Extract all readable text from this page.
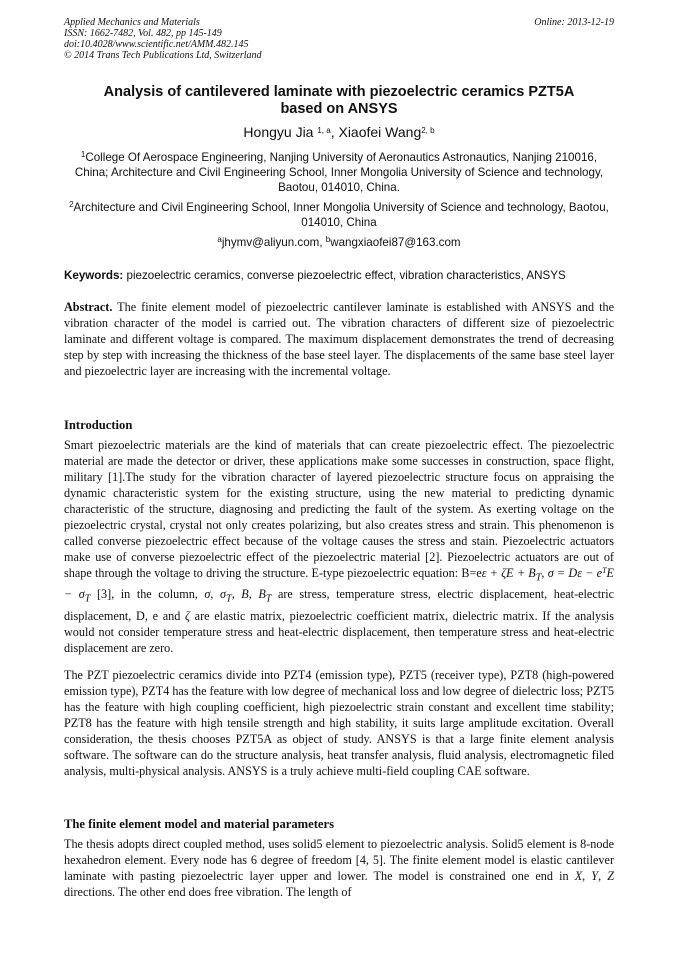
Applied Mechanics and Materials
ISSN: 1662-7482, Vol. 482, pp 145-149
doi:10.4028/www.scientific.net/AMM.482.145
© 2014 Trans Tech Publications Ltd, Switzerland
Online: 2013-12-19
Analysis of cantilevered laminate with piezoelectric ceramics PZT5A
based on ANSYS
Hongyu Jia $^{1, a}$, Xiaofei Wang$^{2, b}$
$^1$College Of Aerospace Engineering, Nanjing University of Aeronautics Astronautics, Nanjing 210016, China; Architecture and Civil Engineering School, Inner Mongolia University of Science and technology, Baotou, 014010, China.
$^2$Architecture and Civil Engineering School, Inner Mongolia University of Science and technology, Baotou, 014010, China
$^a$jhymv@aliyun.com, $^b$wangxiaofei87@163.com
Keywords: piezoelectric ceramics, converse piezoelectric effect, vibration characteristics, ANSYS
Abstract. The finite element model of piezoelectric cantilever laminate is established with ANSYS and the vibration character of the model is carried out. The vibration characters of different size of piezoelectric laminate and different voltage is compared. The maximum displacement demonstrates the trend of decreasing step by step with increasing the thickness of the base steel layer. The displacements of the same base steel layer and piezoelectric layer are increasing with the incremental voltage.
Introduction
Smart piezoelectric materials are the kind of materials that can create piezoelectric effect. The piezoelectric material are made the detector or driver, these applications make some successes in construction, space flight, military [1].The study for the vibration character of layered piezoelectric structure focus on appraising the dynamic characteristic system for the existing structure, using the new material to predicting dynamic characteristic of the structure, diagnosing and predicting the fault of the system. As exerting voltage on the piezoelectric crystal, crystal not only creates polarizing, but also creates stress and strain. This phenomenon is called converse piezoelectric effect because of the voltage causes the stress and stain. Piezoelectric actuators make use of converse piezoelectric effect of the piezoelectric material [2]. Piezoelectric actuators are out of shape through the voltage to driving the structure. E-type piezoelectric equation: $B=e\varepsilon + \zeta E + B_T$, $\sigma = D\varepsilon - e^TE - \sigma_T$ [3], in the column, σ, $\sigma_T$, B, $B_T$ are stress, temperature stress, electric displacement, heat-electric displacement, D, e and ζ are elastic matrix, piezoelectric coefficient matrix, dielectric matrix. If the analysis would not consider temperature stress and heat-electric displacement, then temperature stress and heat-electric displacement are zero.
The PZT piezoelectric ceramics divide into PZT4 (emission type), PZT5 (receiver type), PZT8 (high-powered emission type), PZT4 has the feature with low degree of mechanical loss and low degree of dielectric loss; PZT5 has the feature with high coupling coefficient, high piezoelectric strain constant and excellent time stability; PZT8 has the feature with high tensile strength and high stability, it suits large amplitude excitation. Overall consideration, the thesis chooses PZT5A as object of study. ANSYS is that a large finite element analysis software. The software can do the structure analysis, heat transfer analysis, fluid analysis, electromagnetic filed analysis, multi-physical analysis. ANSYS is a truly achieve multi-field coupling CAE software.
The finite element model and material parameters
The thesis adopts direct coupled method, uses solid5 element to piezoelectric analysis. Solid5 element is 8-node hexahedron element. Every node has 6 degree of freedom [4, 5]. The finite element model is elastic cantilever laminate with pasting piezoelectric layer upper and lower. The model is constrained one end in X, Y, Z directions. The other end does free vibration. The length of
